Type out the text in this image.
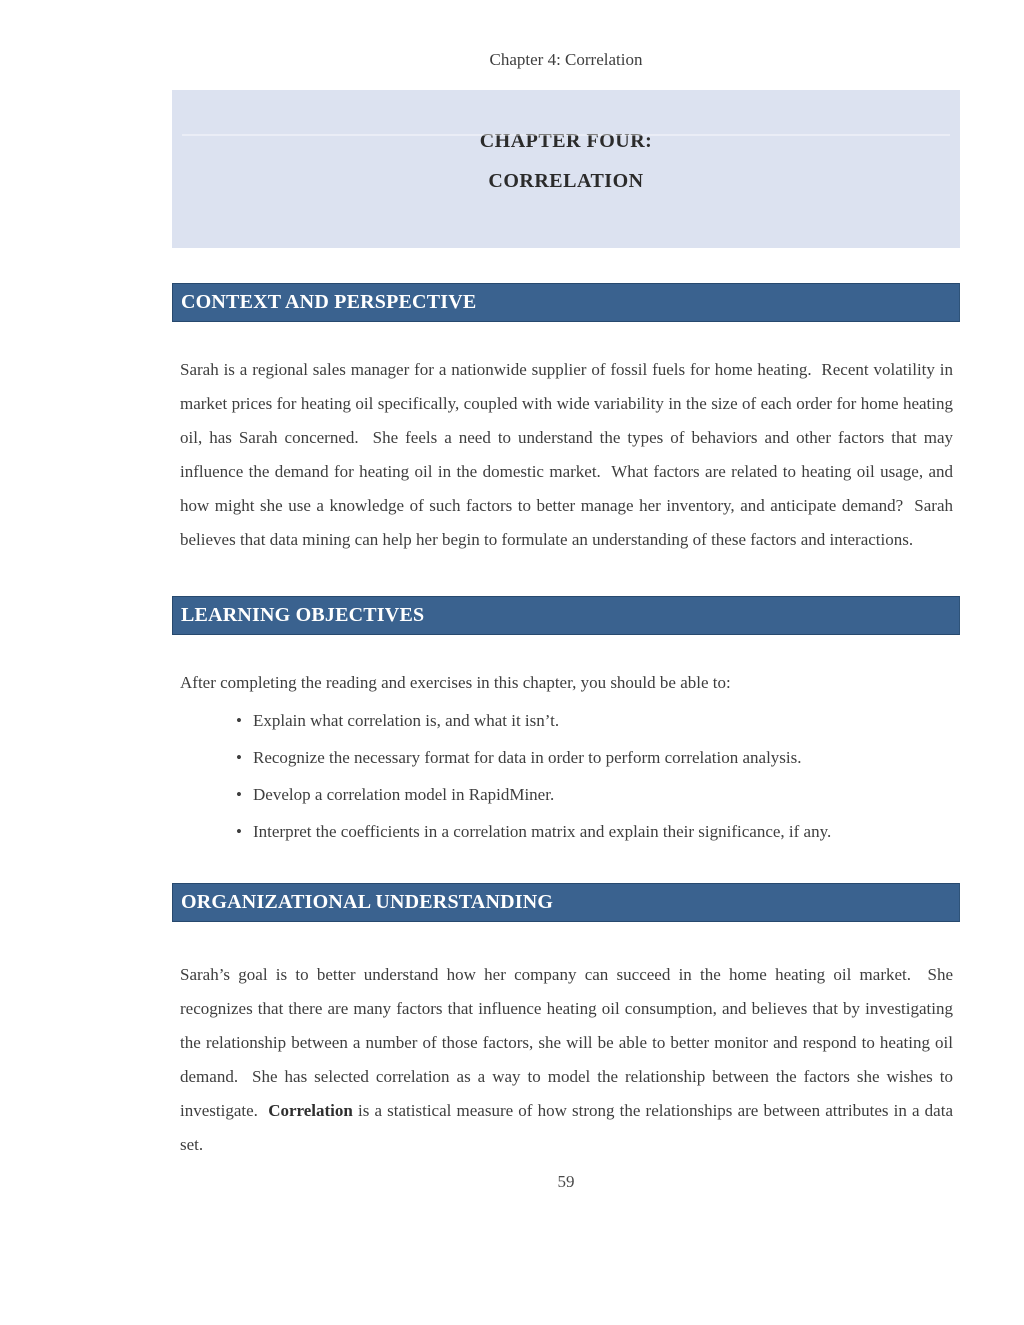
Chapter 4: Correlation
CHAPTER FOUR:
CORRELATION
CONTEXT AND PERSPECTIVE

Sarah is a regional sales manager for a nationwide supplier of fossil fuels for home heating.  Recent volatility in market prices for heating oil specifically, coupled with wide variability in the size of each order for home heating oil, has Sarah concerned.  She feels a need to understand the types of behaviors and other factors that may influence the demand for heating oil in the domestic market.  What factors are related to heating oil usage, and how might she use a knowledge of such factors to better manage her inventory, and anticipate demand?  Sarah believes that data mining can help her begin to formulate an understanding of these factors and interactions.

LEARNING OBJECTIVES

After completing the reading and exercises in this chapter, you should be able to:

• Explain what correlation is, and what it isn’t.
• Recognize the necessary format for data in order to perform correlation analysis.
• Develop a correlation model in RapidMiner.
• Interpret the coefficients in a correlation matrix and explain their significance, if any.
ORGANIZATIONAL UNDERSTANDING

Sarah’s goal is to better understand how her company can succeed in the home heating oil market.  She recognizes that there are many factors that influence heating oil consumption, and believes that by investigating the relationship between a number of those factors, she will be able to better monitor and respond to heating oil demand.  She has selected correlation as a way to model the relationship between the factors she wishes to investigate.  Correlation is a statistical measure of how strong the relationships are between attributes in a data set.

59
